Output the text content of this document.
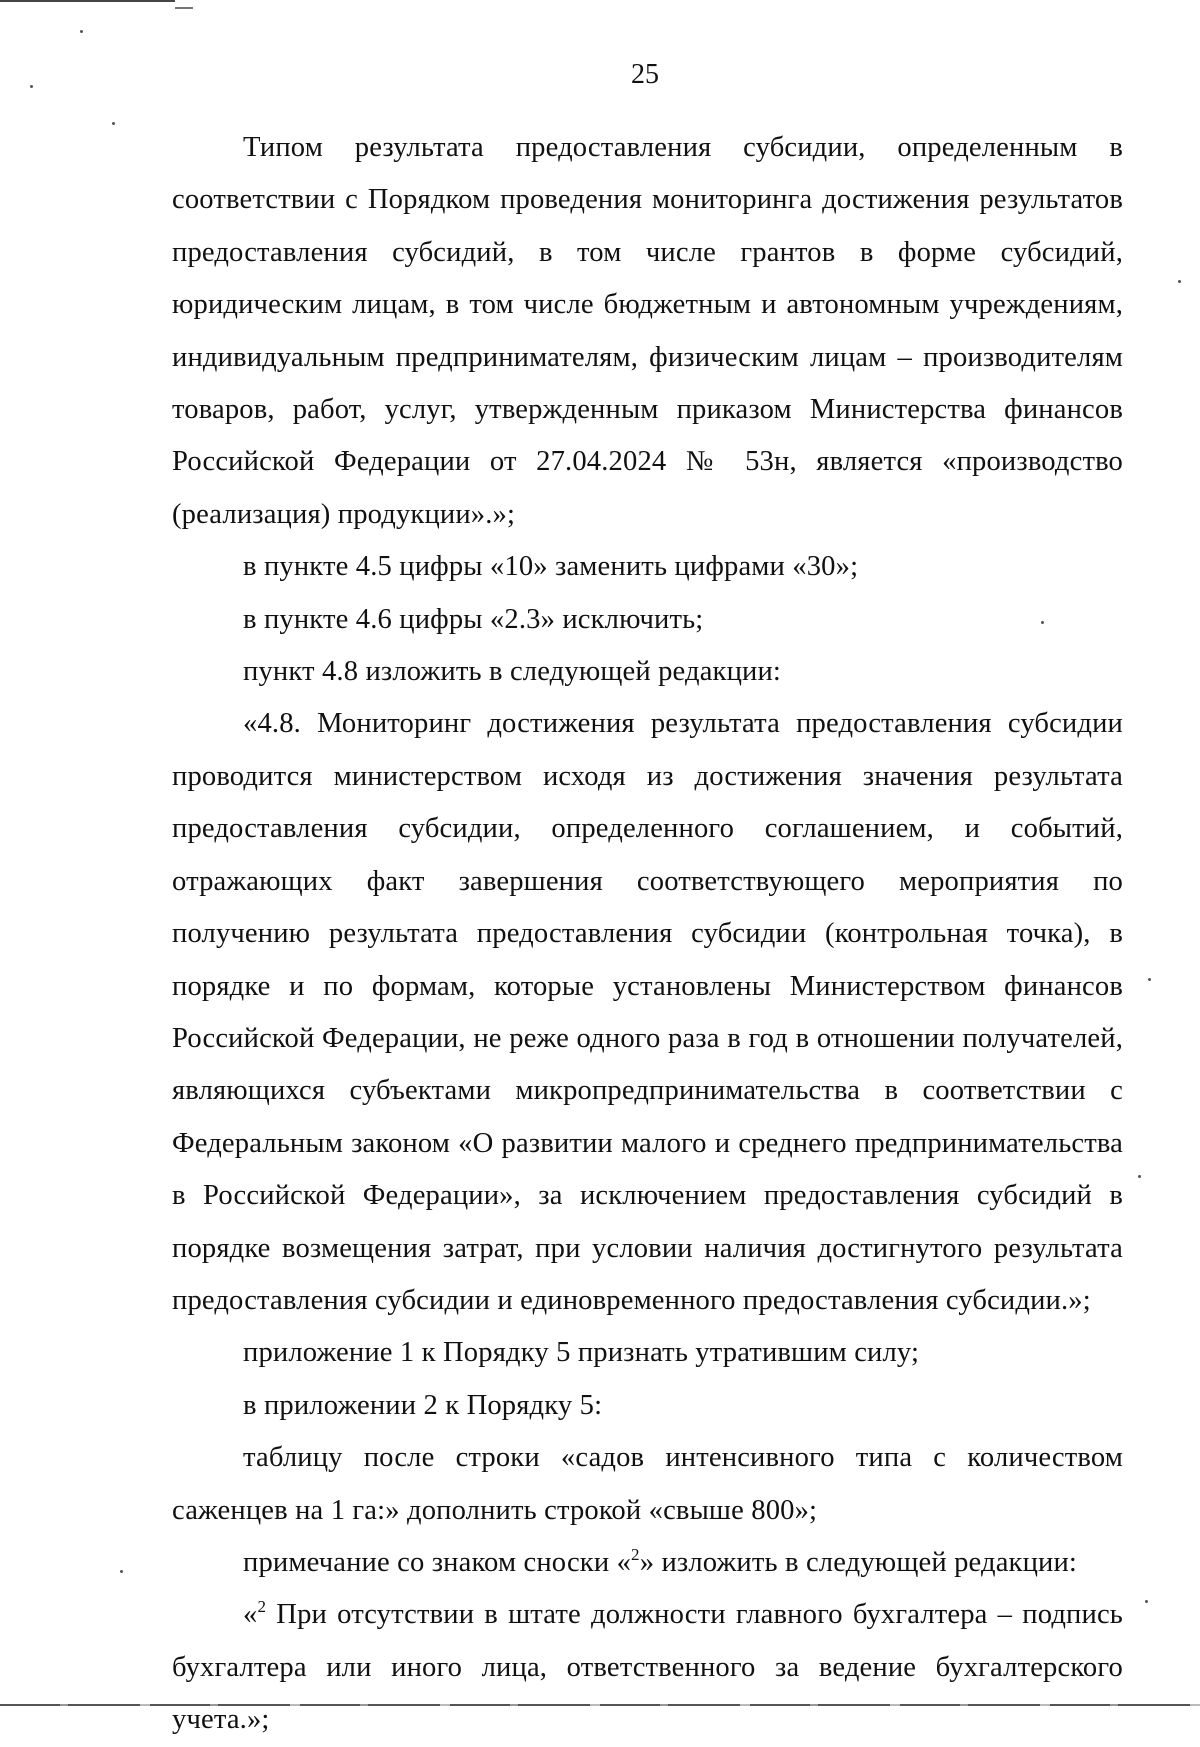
25

Типом результата предоставления субсидии, определенным в соответствии с Порядком проведения мониторинга достижения результатов предоставления субсидий, в том числе грантов в форме субсидий, юридическим лицам, в том числе бюджетным и автономным учреждениям, индивидуальным предпринимателям, физическим лицам – производителям товаров, работ, услуг, утвержденным приказом Министерства финансов Российской Федерации от 27.04.2024 № 53н, является «производство (реализация) продукции».»;

в пункте 4.5 цифры «10» заменить цифрами «30»;

в пункте 4.6 цифры «2.3» исключить;

пункт 4.8 изложить в следующей редакции:

«4.8. Мониторинг достижения результата предоставления субсидии проводится министерством исходя из достижения значения результата предоставления субсидии, определенного соглашением, и событий, отражающих факт завершения соответствующего мероприятия по получению результата предоставления субсидии (контрольная точка), в порядке и по формам, которые установлены Министерством финансов Российской Федерации, не реже одного раза в год в отношении получателей, являющихся субъектами микропредпринимательства в соответствии с Федеральным законом «О развитии малого и среднего предпринимательства в Российской Федерации», за исключением предоставления субсидий в порядке возмещения затрат, при условии наличия достигнутого результата предоставления субсидии и единовременного предоставления субсидии.»;

приложение 1 к Порядку 5 признать утратившим силу;

в приложении 2 к Порядку 5:

таблицу после строки «садов интенсивного типа с количеством саженцев на 1 га:» дополнить строкой «свыше 800»;

примечание со знаком сноски «$^2$» изложить в следующей редакции:

«$^2$ При отсутствии в штате должности главного бухгалтера – подпись бухгалтера или иного лица, ответственного за ведение бухгалтерского учета.»;
